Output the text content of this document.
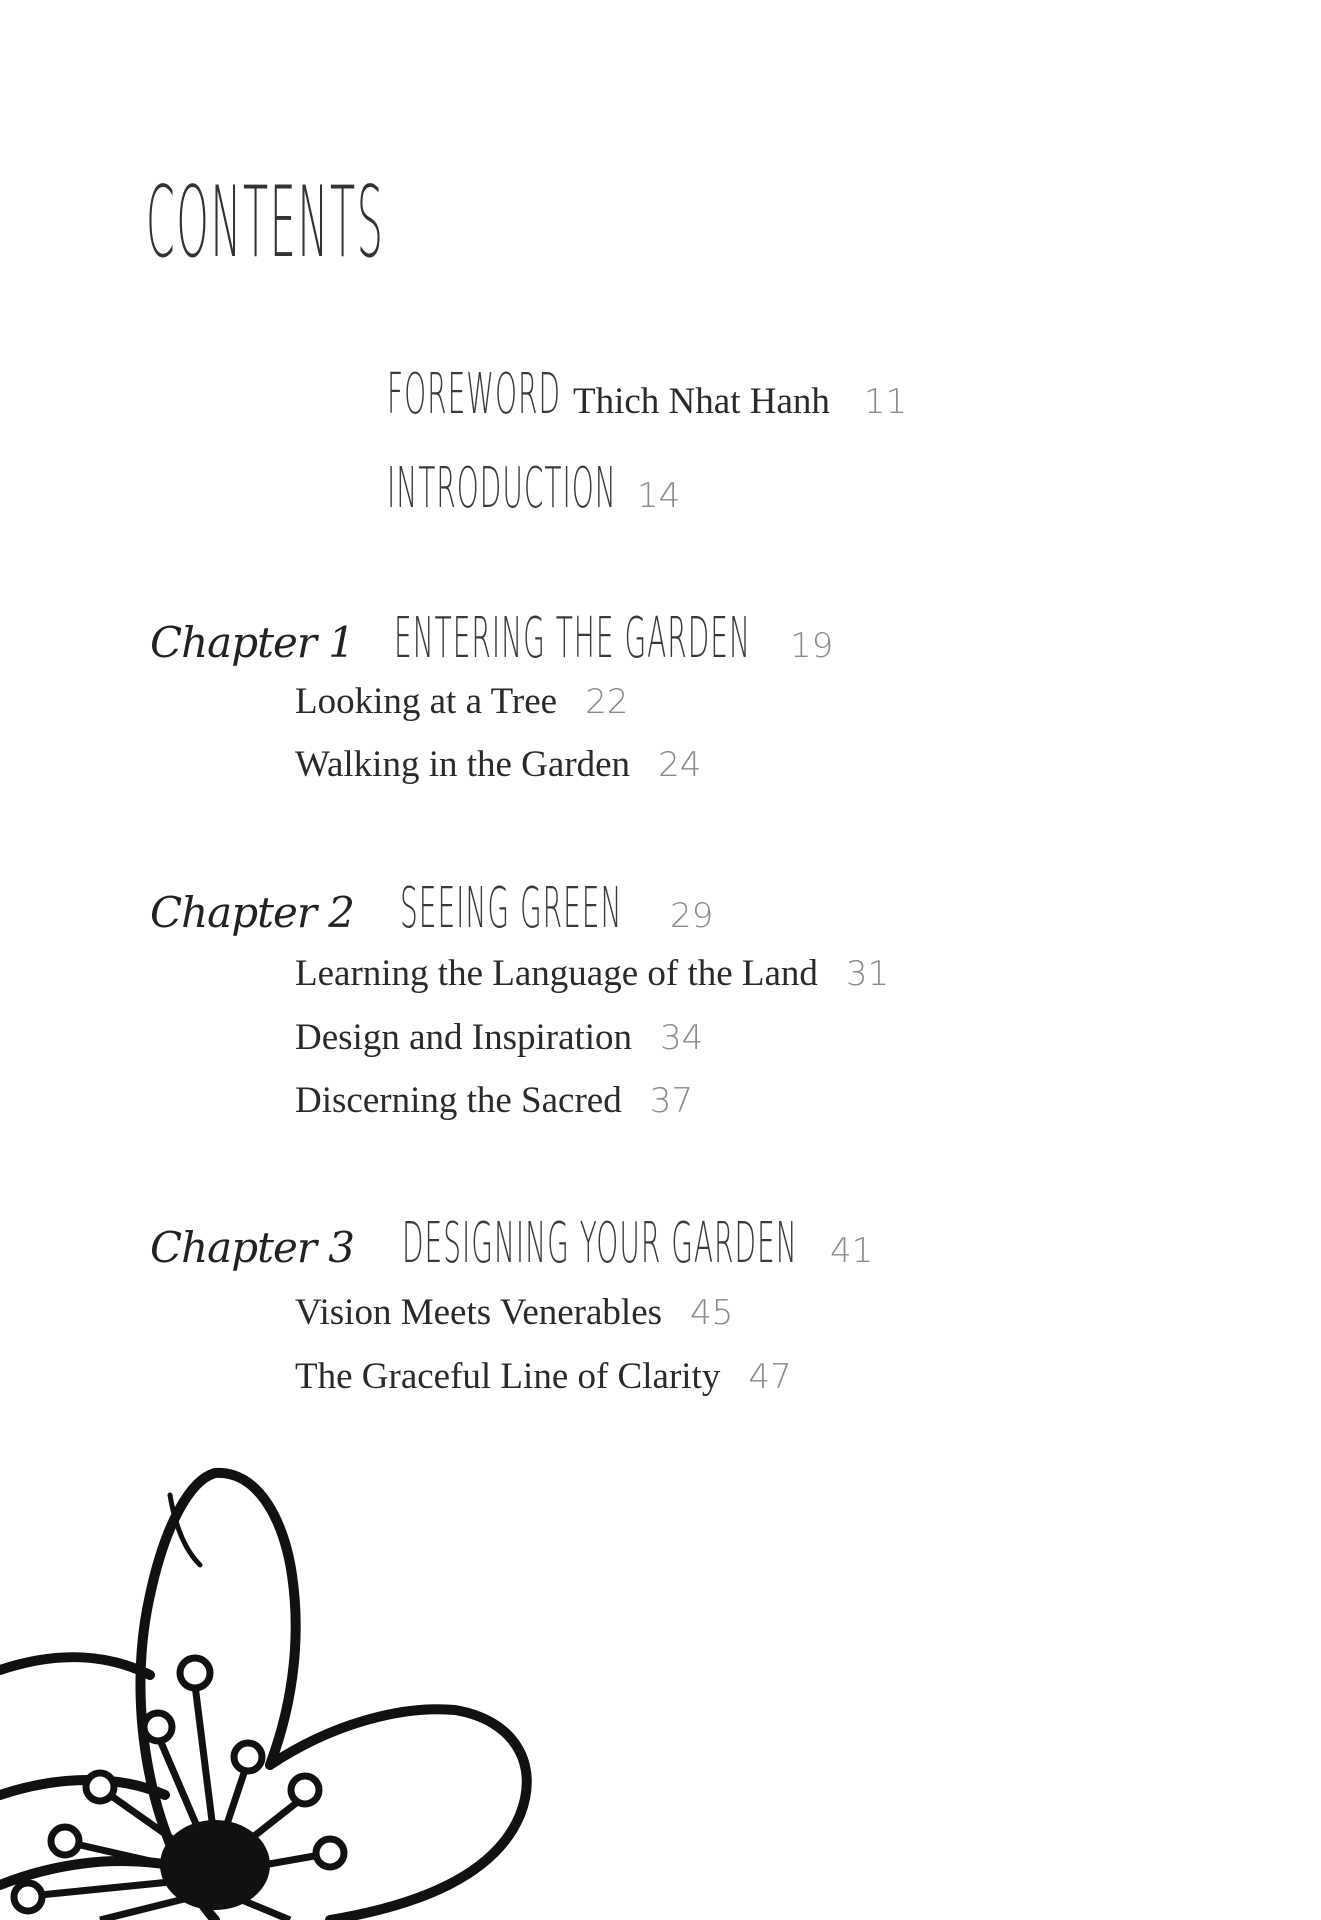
CONTENTS
FOREWORD Thich Nhat Hanh 11
INTRODUCTION 14
Chapter 1 ENTERING THE GARDEN	19
Looking at a Tree 22
Walking in the Garden 24
Chapter 2 SEEING GREEN	29
Learning the Language of the Land 31
Design and Inspiration 34
Discerning the Sacred 37
Chapter 3 DESIGNING YOUR GARDEN 41
Vision Meets Venerables 45
The Graceful Line of Clarity 47
